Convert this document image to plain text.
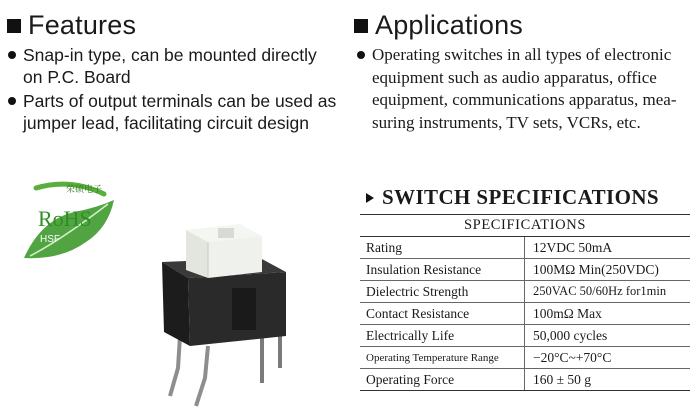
Features
Snap-in type, can be mounted directly on P.C. Board
Parts of output terminals can be used as jumper lead, facilitating circuit design
Applications
Operating switches in all types of electronic equipment such as audio apparatus, office equipment, communications apparatus, mea- suring instruments, TV sets, VCRs, etc.
荣硕电子
RoHS
HSF
SWITCH SPECIFICATIONS
SPECIFICATIONS	
Rating	12VDC 50mA
Insulation Resistance	100MΩ Min(250VDC)
Dielectric Strength	250VAC 50/60Hz for1min
Contact Resistance	100mΩ Max
Electrically Life	50,000 cycles
Operating Temperature Range	−20°C~+70°C
Operating Force	160 ± 50 g
